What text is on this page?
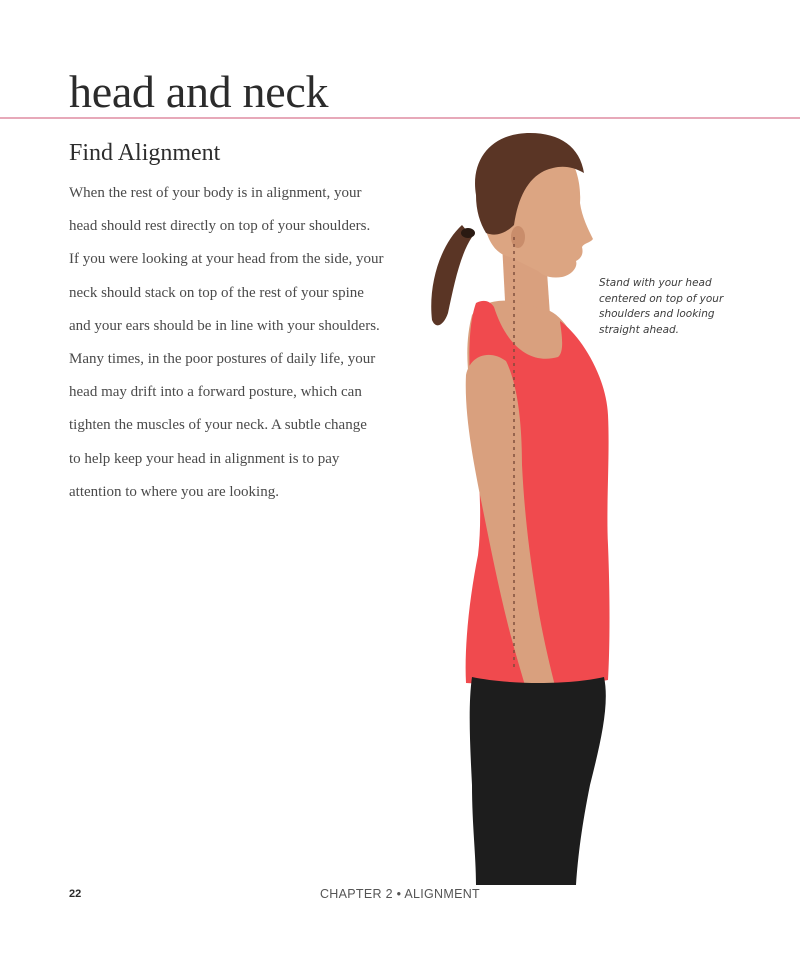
head and neck
Find Alignment

When the rest of your body is in alignment, your
head should rest directly on top of your shoulders.
If you were looking at your head from the side, your
neck should stack on top of the rest of your spine
and your ears should be in line with your shoulders.
Many times, in the poor postures of daily life, your
head may drift into a forward posture, which can
tighten the muscles of your neck. A subtle change
to help keep your head in alignment is to pay
attention to where you are looking.

Stand with your head
centered on top of your
shoulders and looking
straight ahead.

22	CHAPTER 2 • ALIGNMENT
